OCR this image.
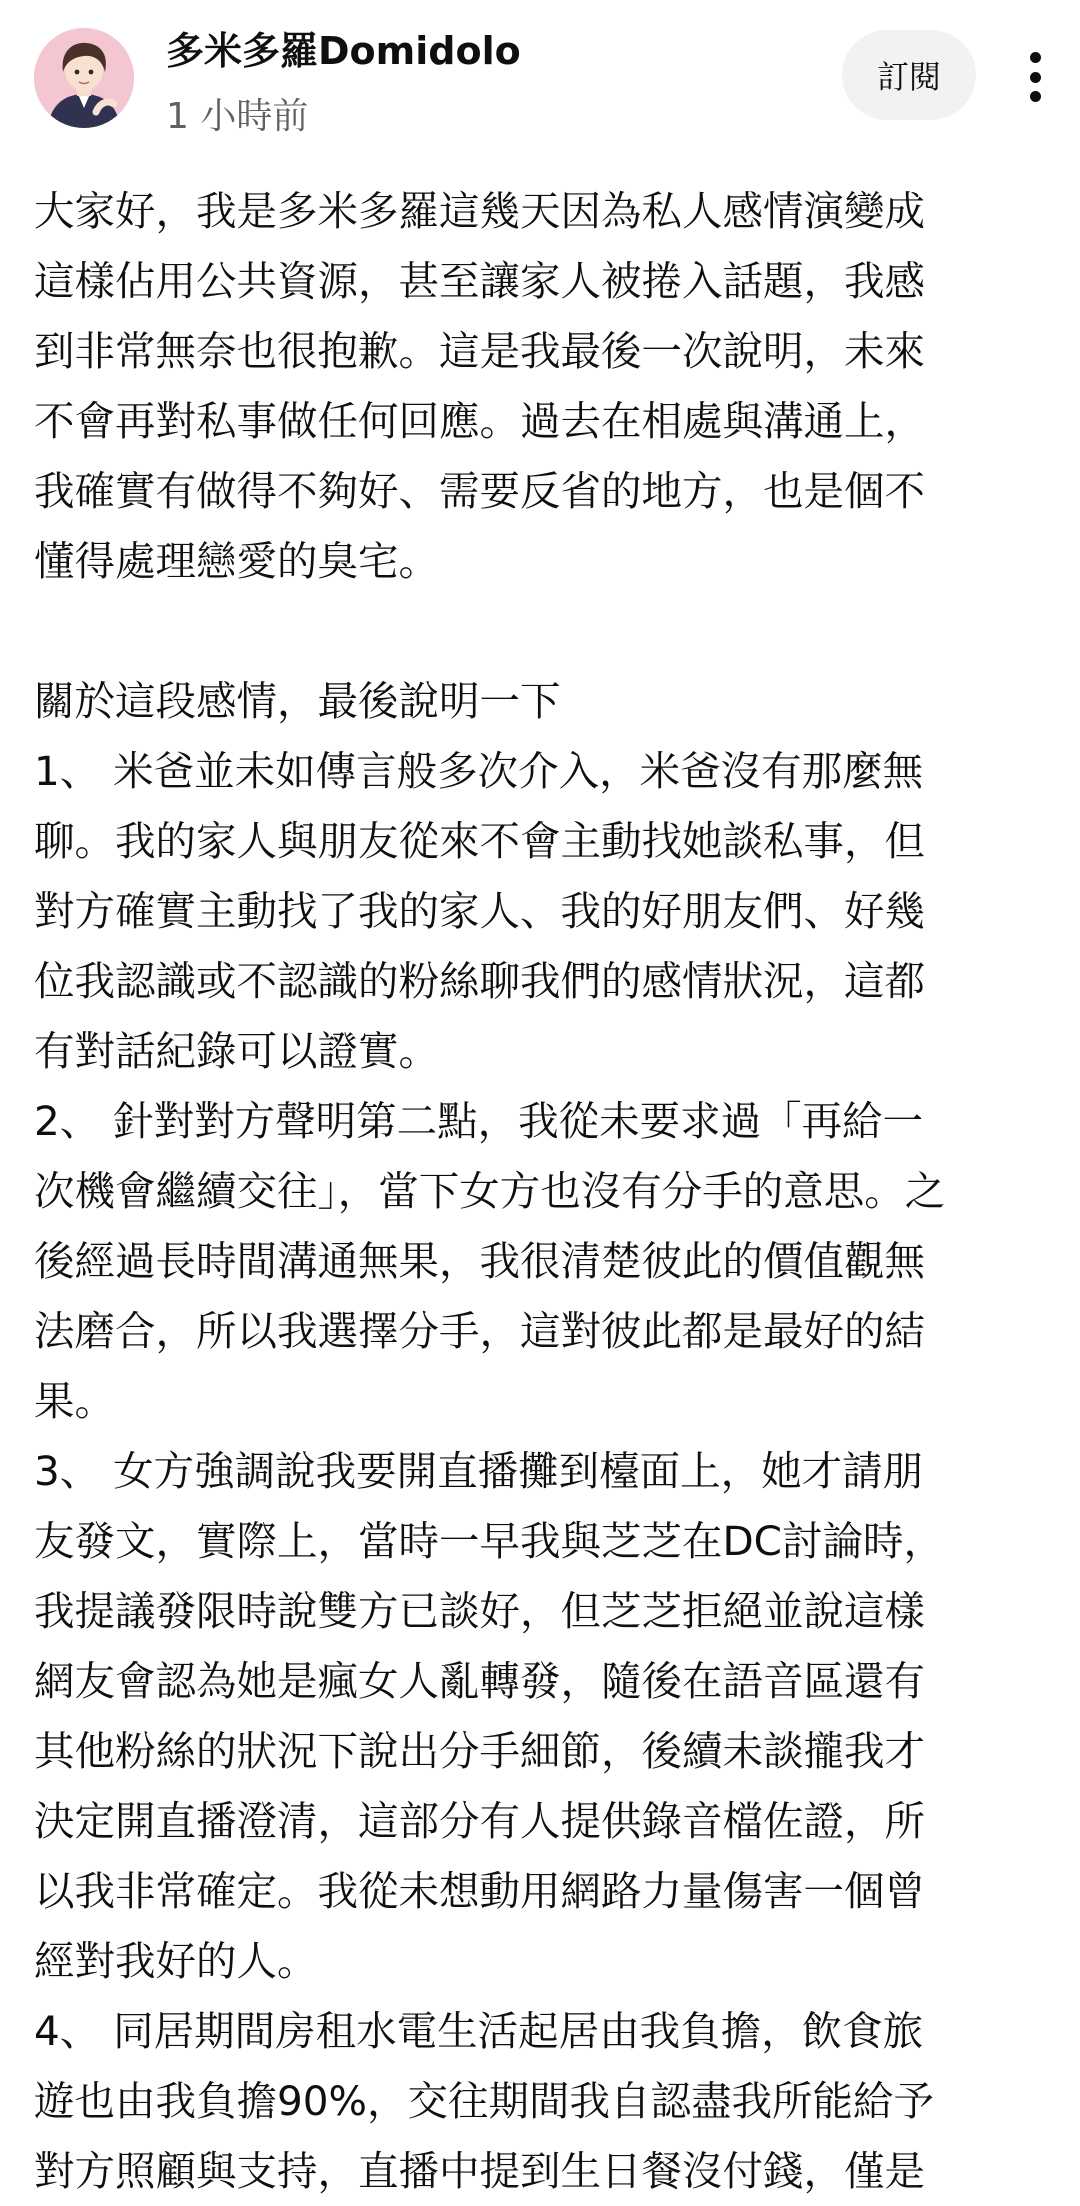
多米多羅Domidolo
1 小時前
訂閱

大家好，我是多米多羅這幾天因為私人感情演變成
這樣佔用公共資源，甚至讓家人被捲入話題，我感
到非常無奈也很抱歉。這是我最後一次說明，未來
不會再對私事做任何回應。過去在相處與溝通上，
我確實有做得不夠好、需要反省的地方，也是個不
懂得處理戀愛的臭宅。

關於這段感情，最後說明一下
1、 米爸並未如傳言般多次介入，米爸沒有那麼無
聊。我的家人與朋友從來不會主動找她談私事，但
對方確實主動找了我的家人、我的好朋友們、好幾
位我認識或不認識的粉絲聊我們的感情狀況，這都
有對話紀錄可以證實。
2、 針對對方聲明第二點，我從未要求過「再給一
次機會繼續交往」，當下女方也沒有分手的意思。之
後經過長時間溝通無果，我很清楚彼此的價值觀無
法磨合，所以我選擇分手，這對彼此都是最好的結
果。
3、 女方強調說我要開直播攤到檯面上，她才請朋
友發文，實際上，當時一早我與芝芝在DC討論時，
我提議發限時說雙方已談好，但芝芝拒絕並說這樣
網友會認為她是瘋女人亂轉發，隨後在語音區還有
其他粉絲的狀況下說出分手細節，後續未談攏我才
決定開直播澄清，這部分有人提供錄音檔佐證，所
以我非常確定。我從未想動用網路力量傷害一個曾
經對我好的人。
4、 同居期間房租水電生活起居由我負擔，飲食旅
遊也由我負擔90%，交往期間我自認盡我所能給予
對方照顧與支持，直播中提到生日餐沒付錢，僅是
